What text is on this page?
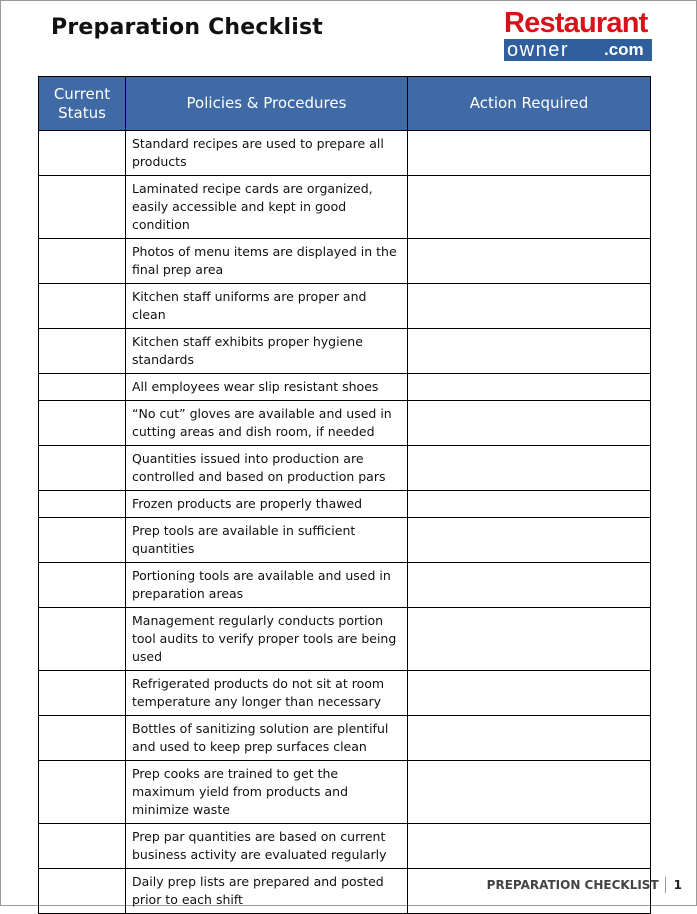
Preparation Checklist	Restaurant
owner .com
Current Status	Policies & Procedures	Action Required
	Standard recipes are used to prepare all products	
	Laminated recipe cards are organized, easily accessible and kept in good condition	
	Photos of menu items are displayed in the final prep area	
	Kitchen staff uniforms are proper and clean	
	Kitchen staff exhibits proper hygiene standards	
	All employees wear slip resistant shoes	
	“No cut” gloves are available and used in cutting areas and dish room, if needed	
	Quantities issued into production are controlled and based on production pars	
	Frozen products are properly thawed	
	Prep tools are available in sufficient quantities	
	Portioning tools are available and used in preparation areas	
	Management regularly conducts portion tool audits to verify proper tools are being used	
	Refrigerated products do not sit at room temperature any longer than necessary	
	Bottles of sanitizing solution are plentiful and used to keep prep surfaces clean	
	Prep cooks are trained to get the maximum yield from products and minimize waste	
	Prep par quantities are based on current business activity are evaluated regularly	
	Daily prep lists are prepared and posted prior to each shift	
PREPARATION CHECKLIST 1
